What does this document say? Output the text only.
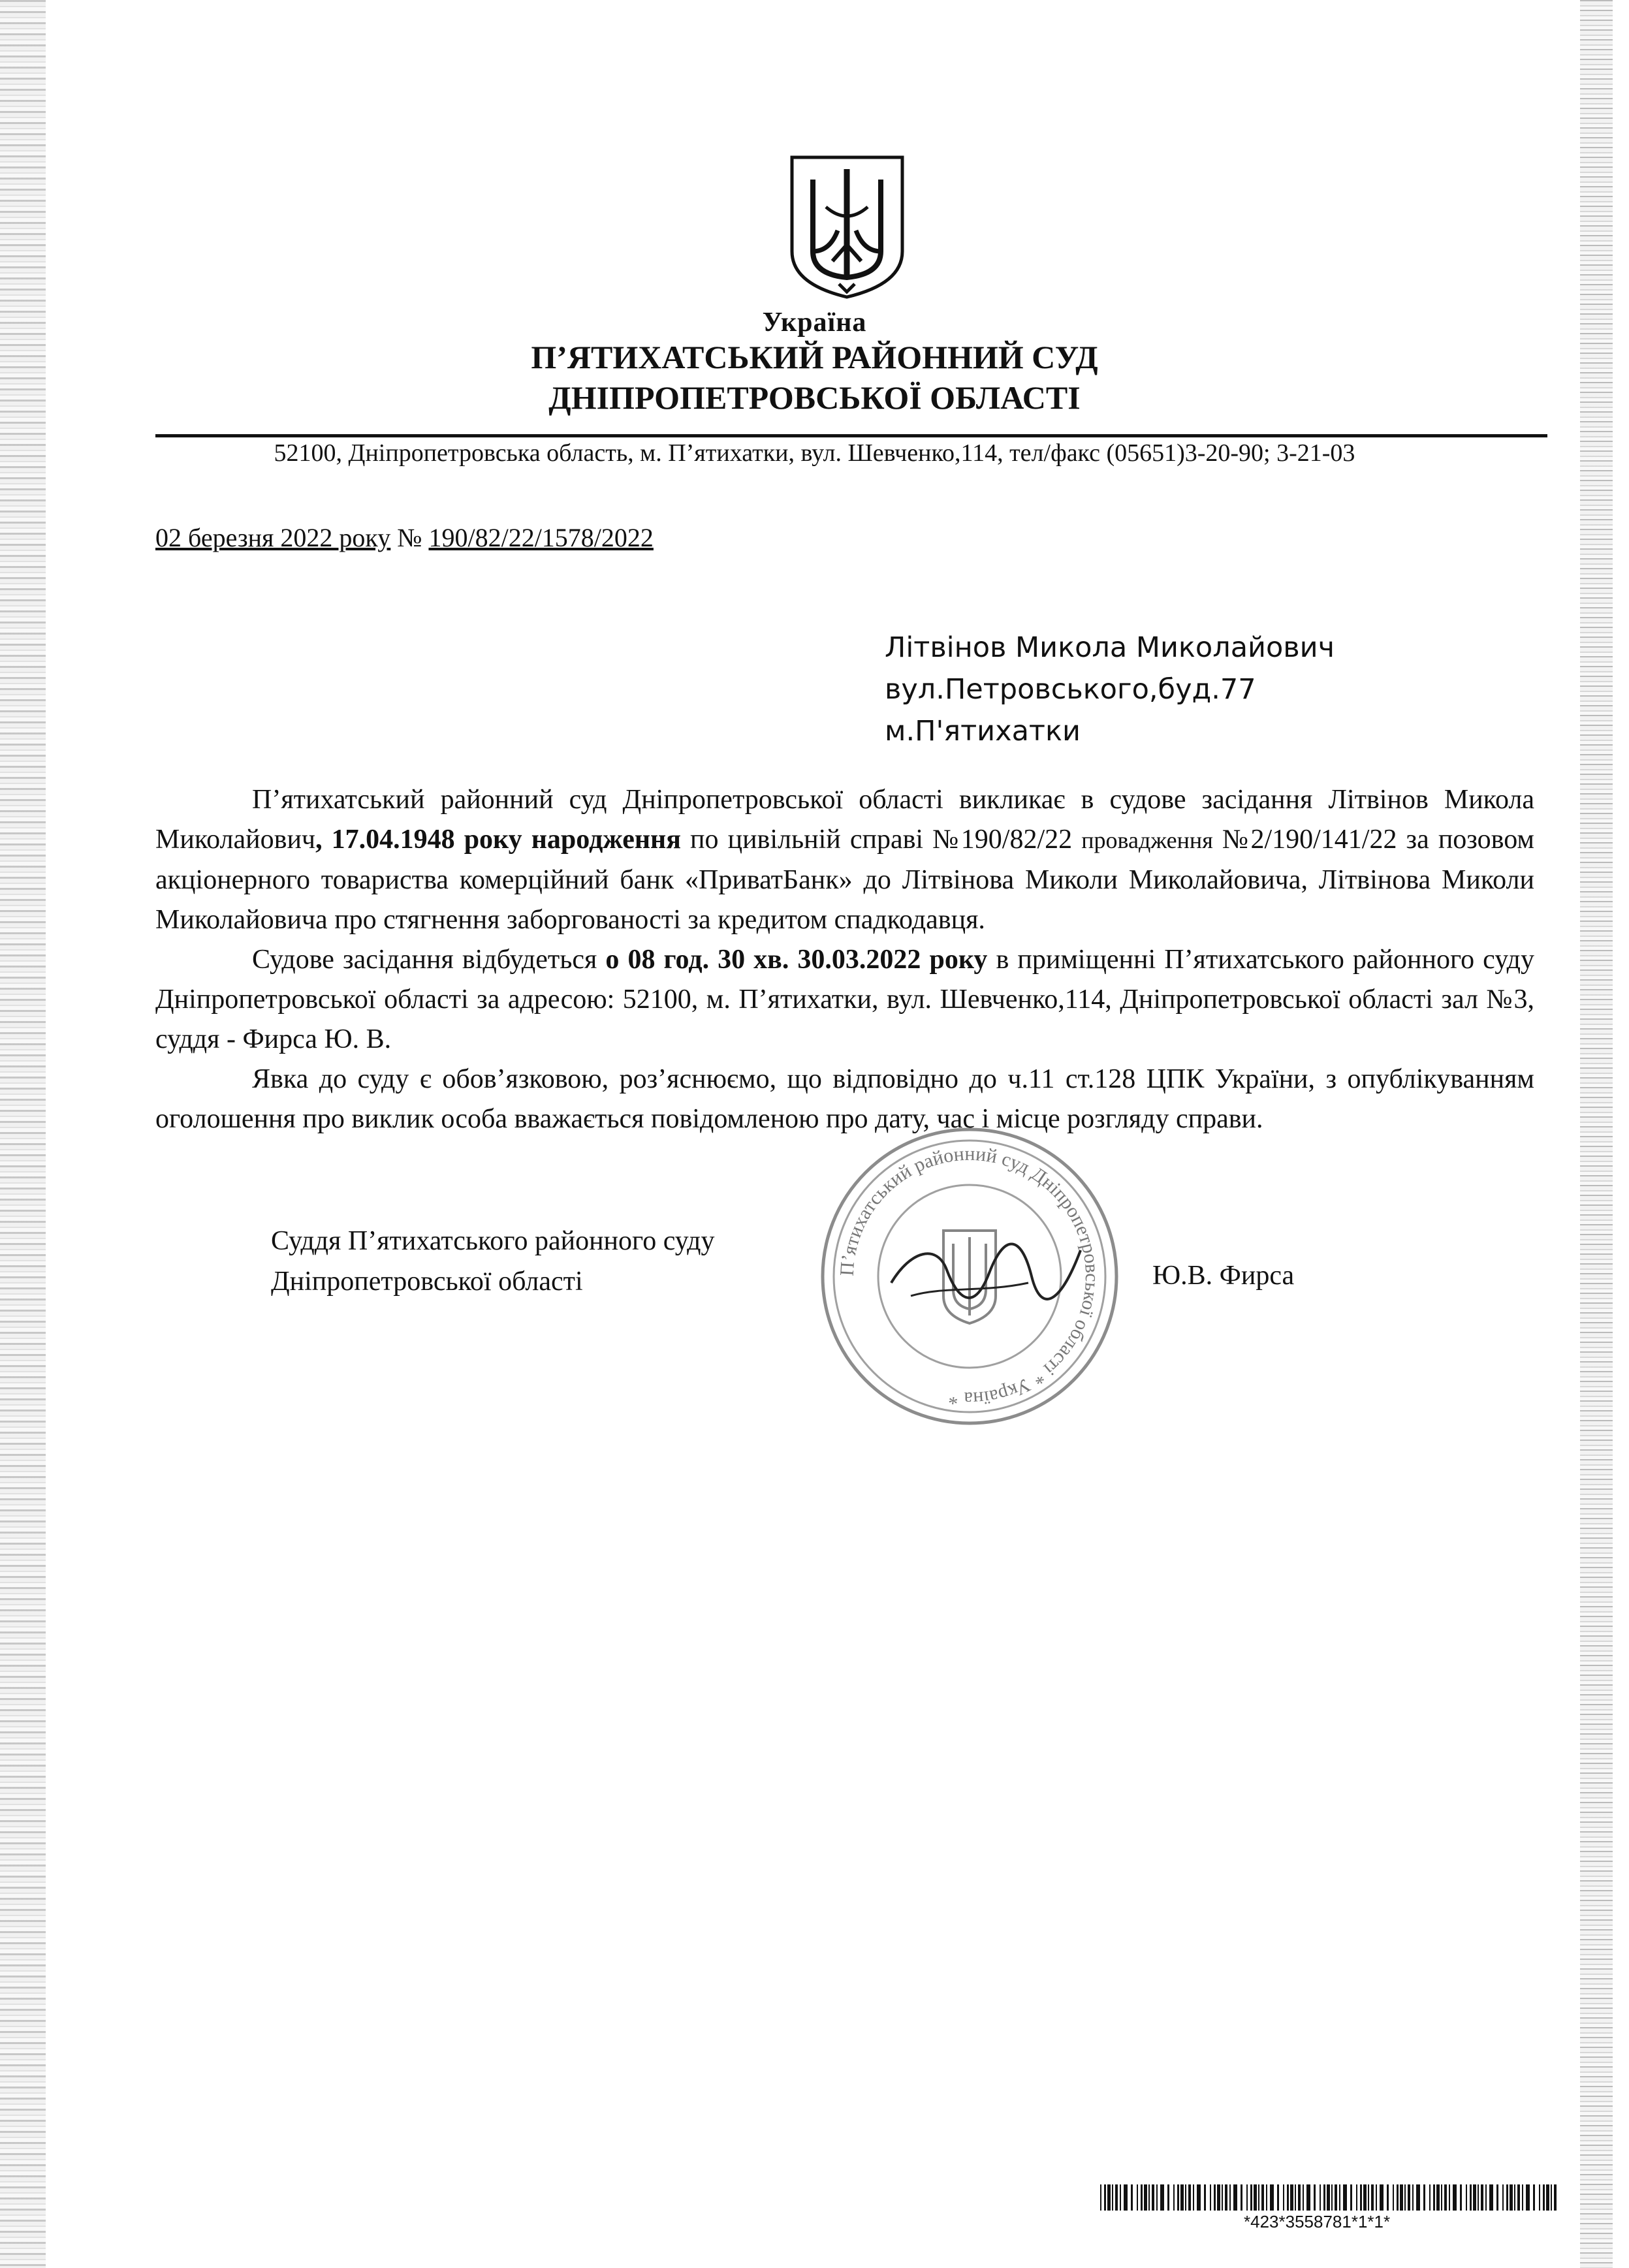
Україна
П’ЯТИХАТСЬКИЙ РАЙОННИЙ СУД
ДНІПРОПЕТРОВСЬКОЇ ОБЛАСТІ
52100, Дніпропетровська область, м. П’ятихатки, вул. Шевченко,114, тел/факс (05651)3-20-90; 3-21-03
02 березня 2022 року № 190/82/22/1578/2022
Літвінов Микола Миколайович
вул.Петровського,буд.77
м.П'ятихатки

П’ятихатський районний суд Дніпропетровської області викликає в судове засідання Літвінов Микола Миколайович, 17.04.1948 року народження по цивільній справі №190/82/22 провадження №2/190/141/22 за позовом акціонерного товариства комерційний банк «ПриватБанк» до Літвінова Миколи Миколайовича, Літвінова Миколи Миколайовича про стягнення заборгованості за кредитом спадкодавця.

Судове засідання відбудеться о 08 год. 30 хв. 30.03.2022 року в приміщенні П’ятихатського районного суду Дніпропетровської області за адресою: 52100, м. П’ятихатки, вул. Шевченко,114, Дніпропетровської області зал №3, суддя - Фирса Ю. В.

Явка до суду є обов’язковою, роз’яснюємо, що відповідно до ч.11 ст.128 ЦПК України, з опублікуванням оголошення про виклик особа вважається повідомленою про дату, час і місце розгляду справи.

Суддя П’ятихатського районного суду
Дніпропетровської області	П’ятихатський районний суд Дніпропетровської області * Україна *
Ю.В. Фирса
*423*3558781*1*1*
